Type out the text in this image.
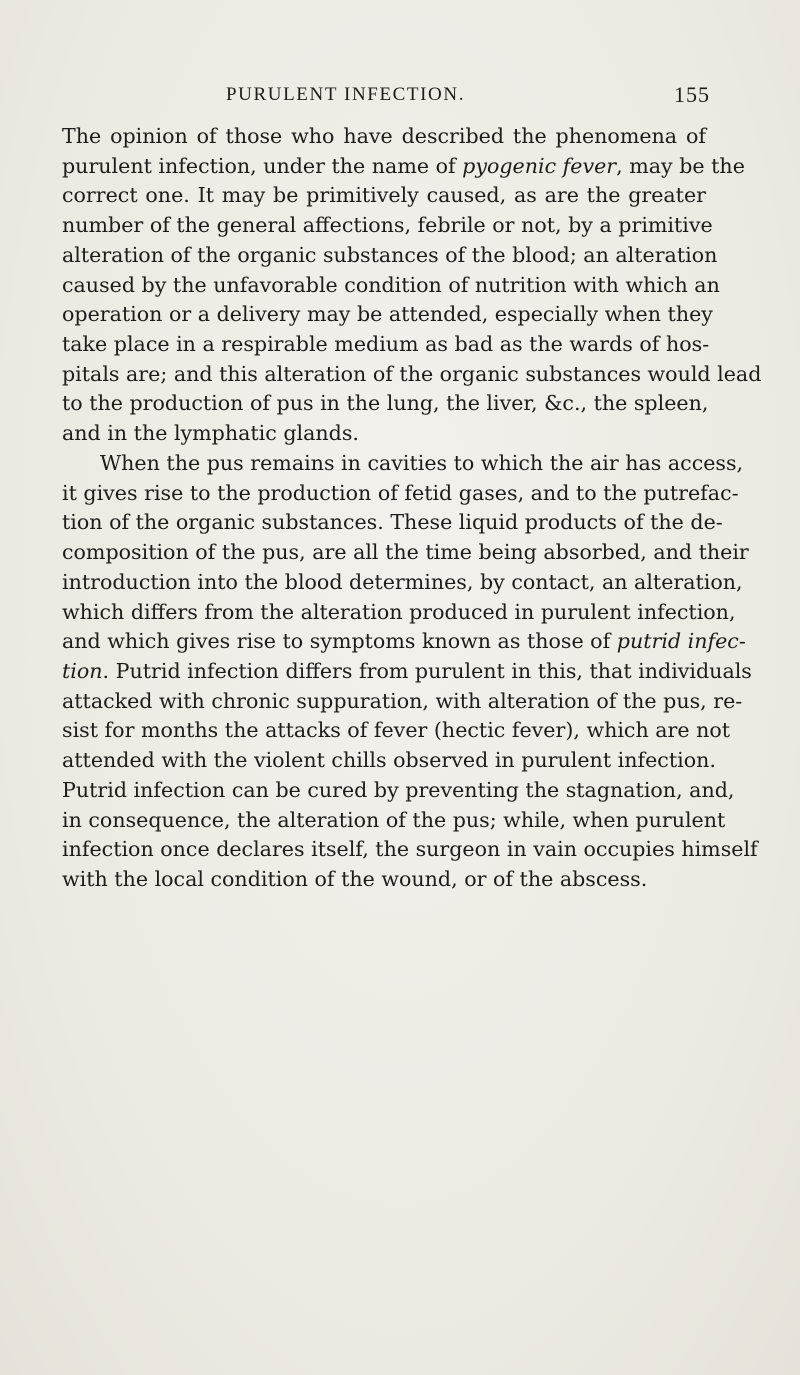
PURULENT INFECTION.	155
The opinion of those who have described the phenomena of
purulent infection, under the name of pyogenic fever, may be the
correct one. It may be primitively caused, as are the greater
number of the general affections, febrile or not, by a primitive
alteration of the organic substances of the blood; an alteration
caused by the unfavorable condition of nutrition with which an
operation or a delivery may be attended, especially when they
take place in a respirable medium as bad as the wards of hos-
pitals are; and this alteration of the organic substances would lead
to the production of pus in the lung, the liver, &c., the spleen,
and in the lymphatic glands.
When the pus remains in cavities to which the air has access,
it gives rise to the production of fetid gases, and to the putrefac-
tion of the organic substances. These liquid products of the de-
composition of the pus, are all the time being absorbed, and their
introduction into the blood determines, by contact, an alteration,
which differs from the alteration produced in purulent infection,
and which gives rise to symptoms known as those of putrid infec-
tion. Putrid infection differs from purulent in this, that individuals
attacked with chronic suppuration, with alteration of the pus, re-
sist for months the attacks of fever (hectic fever), which are not
attended with the violent chills observed in purulent infection.
Putrid infection can be cured by preventing the stagnation, and,
in consequence, the alteration of the pus; while, when purulent
infection once declares itself, the surgeon in vain occupies himself
with the local condition of the wound, or of the abscess.
